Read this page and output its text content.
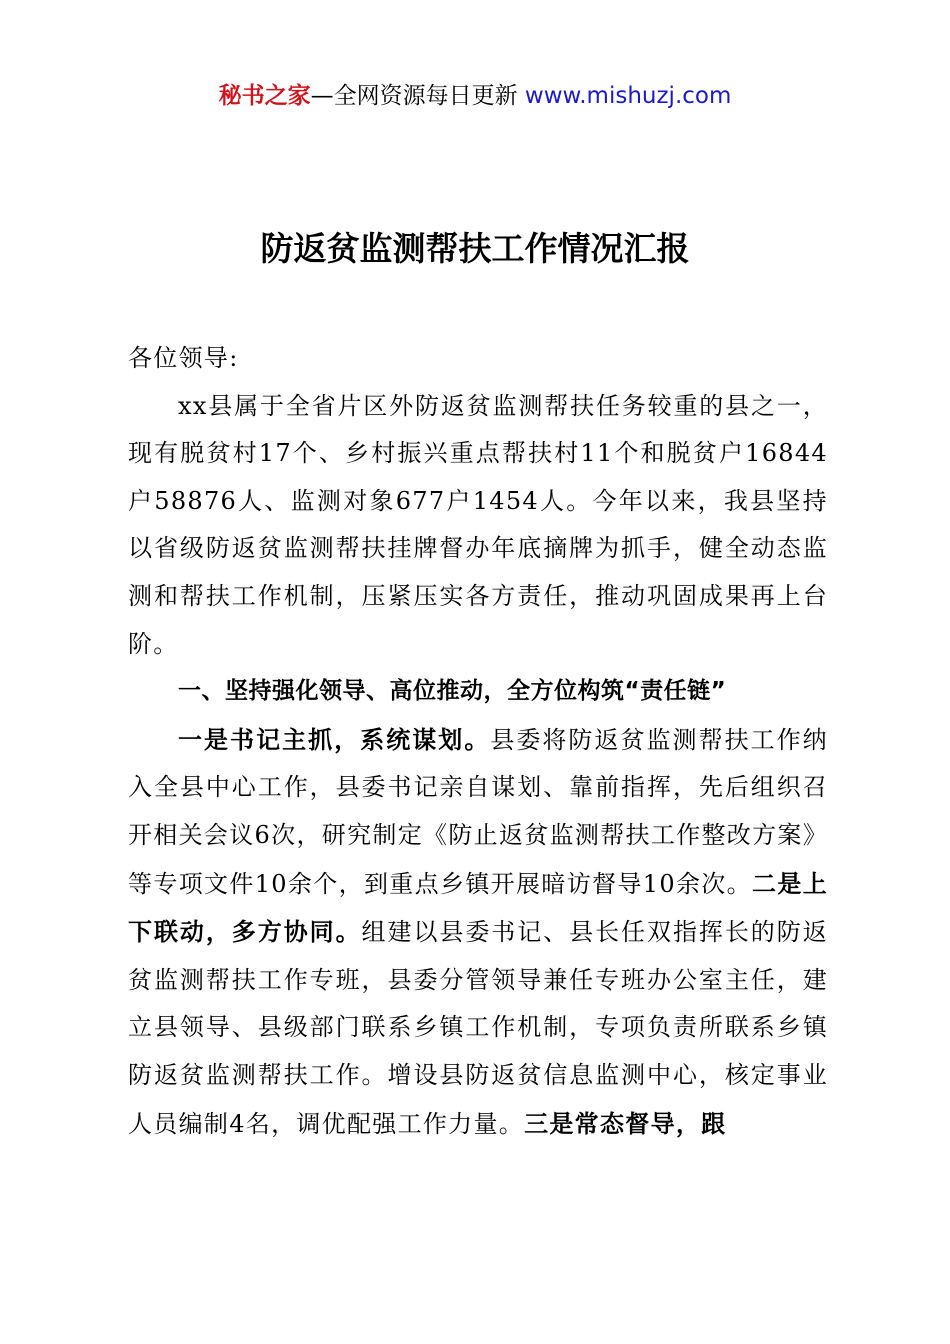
秘书之家—全网资源每日更新 www.mishuzj.com
防返贫监测帮扶工作情况汇报

各位领导:

xx县属于全省片区外防返贫监测帮扶任务较重的县之一，现有脱贫村17个、乡村振兴重点帮扶村11个和脱贫户16844户58876人、监测对象677户1454人。今年以来，我县坚持以省级防返贫监测帮扶挂牌督办年底摘牌为抓手，健全动态监测和帮扶工作机制，压紧压实各方责任，推动巩固成果再上台阶。

一、坚持强化领导、高位推动，全方位构筑“责任链”

一是书记主抓，系统谋划。县委将防返贫监测帮扶工作纳入全县中心工作，县委书记亲自谋划、靠前指挥，先后组织召开相关会议6次，研究制定《防止返贫监测帮扶工作整改方案》等专项文件10余个，到重点乡镇开展暗访督导10余次。二是上下联动，多方协同。组建以县委书记、县长任双指挥长的防返贫监测帮扶工作专班，县委分管领导兼任专班办公室主任，建立县领导、县级部门联系乡镇工作机制，专项负责所联系乡镇防返贫监测帮扶工作。增设县防返贫信息监测中心，核定事业人员编制4名，调优配强工作力量。三是常态督导，跟
